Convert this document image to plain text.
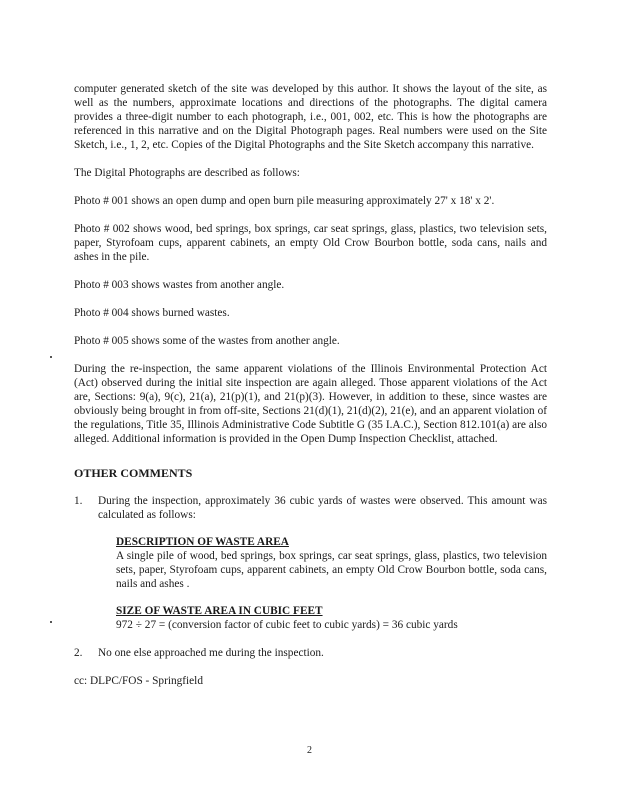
computer generated sketch of the site was developed by this author. It shows the layout of the site, as well as the numbers, approximate locations and directions of the photographs. The digital camera provides a three-digit number to each photograph, i.e., 001, 002, etc. This is how the photographs are referenced in this narrative and on the Digital Photograph pages. Real numbers were used on the Site Sketch, i.e., 1, 2, etc. Copies of the Digital Photographs and the Site Sketch accompany this narrative.

The Digital Photographs are described as follows:

Photo # 001 shows an open dump and open burn pile measuring approximately 27' x 18' x 2'.

Photo # 002 shows wood, bed springs, box springs, car seat springs, glass, plastics, two television sets, paper, Styrofoam cups, apparent cabinets, an empty Old Crow Bourbon bottle, soda cans, nails and ashes in the pile.

Photo # 003 shows wastes from another angle.

Photo # 004 shows burned wastes.

Photo # 005 shows some of the wastes from another angle.

During the re-inspection, the same apparent violations of the Illinois Environmental Protection Act (Act) observed during the initial site inspection are again alleged. Those apparent violations of the Act are, Sections: 9(a), 9(c), 21(a), 21(p)(1), and 21(p)(3). However, in addition to these, since wastes are obviously being brought in from off-site, Sections 21(d)(1), 21(d)(2), 21(e), and an apparent violation of the regulations, Title 35, Illinois Administrative Code Subtitle G (35 I.A.C.), Section 812.101(a) are also alleged. Additional information is provided in the Open Dump Inspection Checklist, attached.

OTHER COMMENTS

1. During the inspection, approximately 36 cubic yards of wastes were observed. This amount was calculated as follows:
DESCRIPTION OF WASTE AREA
A single pile of wood, bed springs, box springs, car seat springs, glass, plastics, two television sets, paper, Styrofoam cups, apparent cabinets, an empty Old Crow Bourbon bottle, soda cans, nails and ashes .
SIZE OF WASTE AREA IN CUBIC FEET
972 ÷ 27 = (conversion factor of cubic feet to cubic yards) = 36 cubic yards
2. No one else approached me during the inspection.

cc: DLPC/FOS - Springfield

2
